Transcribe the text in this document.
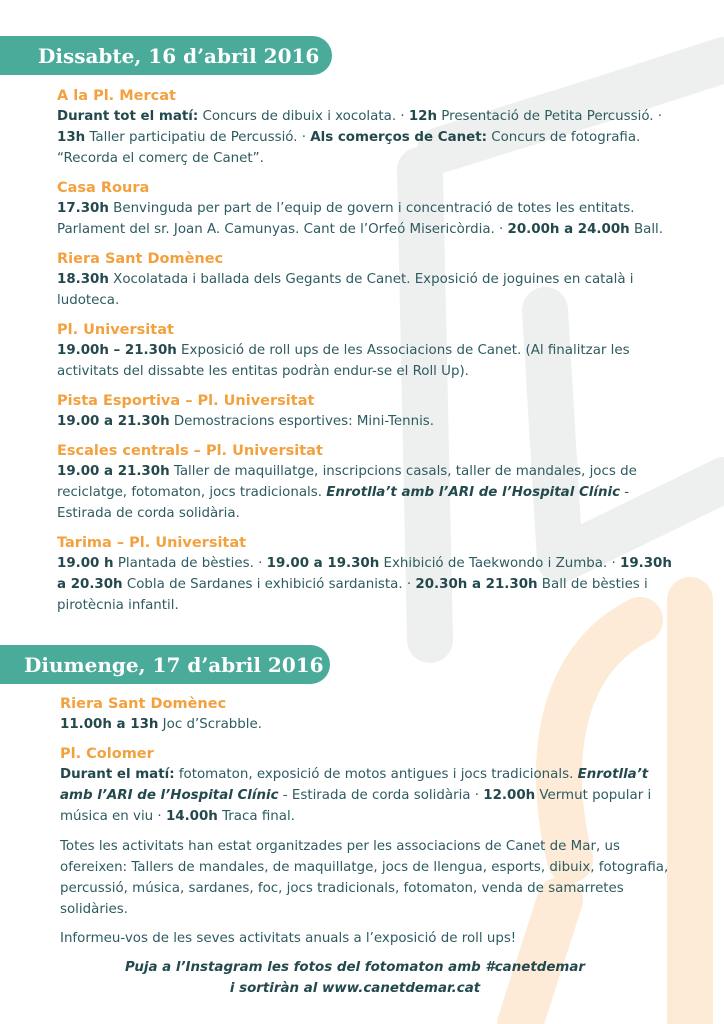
Dissabte, 16 d’abril 2016

A la Pl. Mercat

Durant tot el matí: Concurs de dibuix i xocolata. · 12h Presentació de Petita Percussió. · 13h Taller participatiu de Percussió. · Als comerços de Canet: Concurs de fotografia. “Recorda el comerç de Canet”.

Casa Roura

17.30h Benvinguda per part de l’equip de govern i concentració de totes les entitats. Parlament del sr. Joan A. Camunyas. Cant de l’Orfeó Misericòrdia. · 20.00h a 24.00h Ball.

Riera Sant Domènec

18.30h Xocolatada i ballada dels Gegants de Canet. Exposició de joguines en català i ludoteca.

Pl. Universitat

19.00h – 21.30h Exposició de roll ups de les Associacions de Canet. (Al finalitzar les activitats del dissabte les entitas podràn endur-se el Roll Up).

Pista Esportiva – Pl. Universitat

19.00 a 21.30h Demostracions esportives: Mini-Tennis.

Escales centrals – Pl. Universitat

19.00 a 21.30h Taller de maquillatge, inscripcions casals, taller de mandales, jocs de reciclatge, fotomaton, jocs tradicionals. Enrotlla’t amb l’ARI de l’Hospital Clínic - Estirada de corda solidària.

Tarima – Pl. Universitat

19.00 h Plantada de bèsties. · 19.00 a 19.30h Exhibició de Taekwondo i Zumba. · 19.30h a 20.30h Cobla de Sardanes i exhibició sardanista. · 20.30h a 21.30h Ball de bèsties i pirotècnia infantil.

Diumenge, 17 d’abril 2016

Riera Sant Domènec

11.00h a 13h Joc d’Scrabble.

Pl. Colomer

Durant el matí: fotomaton, exposició de motos antigues i jocs tradicionals. Enrotlla’t amb l’ARI de l’Hospital Clínic - Estirada de corda solidària · 12.00h Vermut popular i música en viu · 14.00h Traca final.

Totes les activitats han estat organitzades per les associacions de Canet de Mar, us ofereixen: Tallers de mandales, de maquillatge, jocs de llengua, esports, dibuix, fotografia, percussió, música, sardanes, foc, jocs tradicionals, fotomaton, venda de samarretes solidàries.

Informeu-vos de les seves activitats anuals a l’exposició de roll ups!

Puja a l’Instagram les fotos del fotomaton amb #canetdemar
i sortiràn al www.canetdemar.cat
